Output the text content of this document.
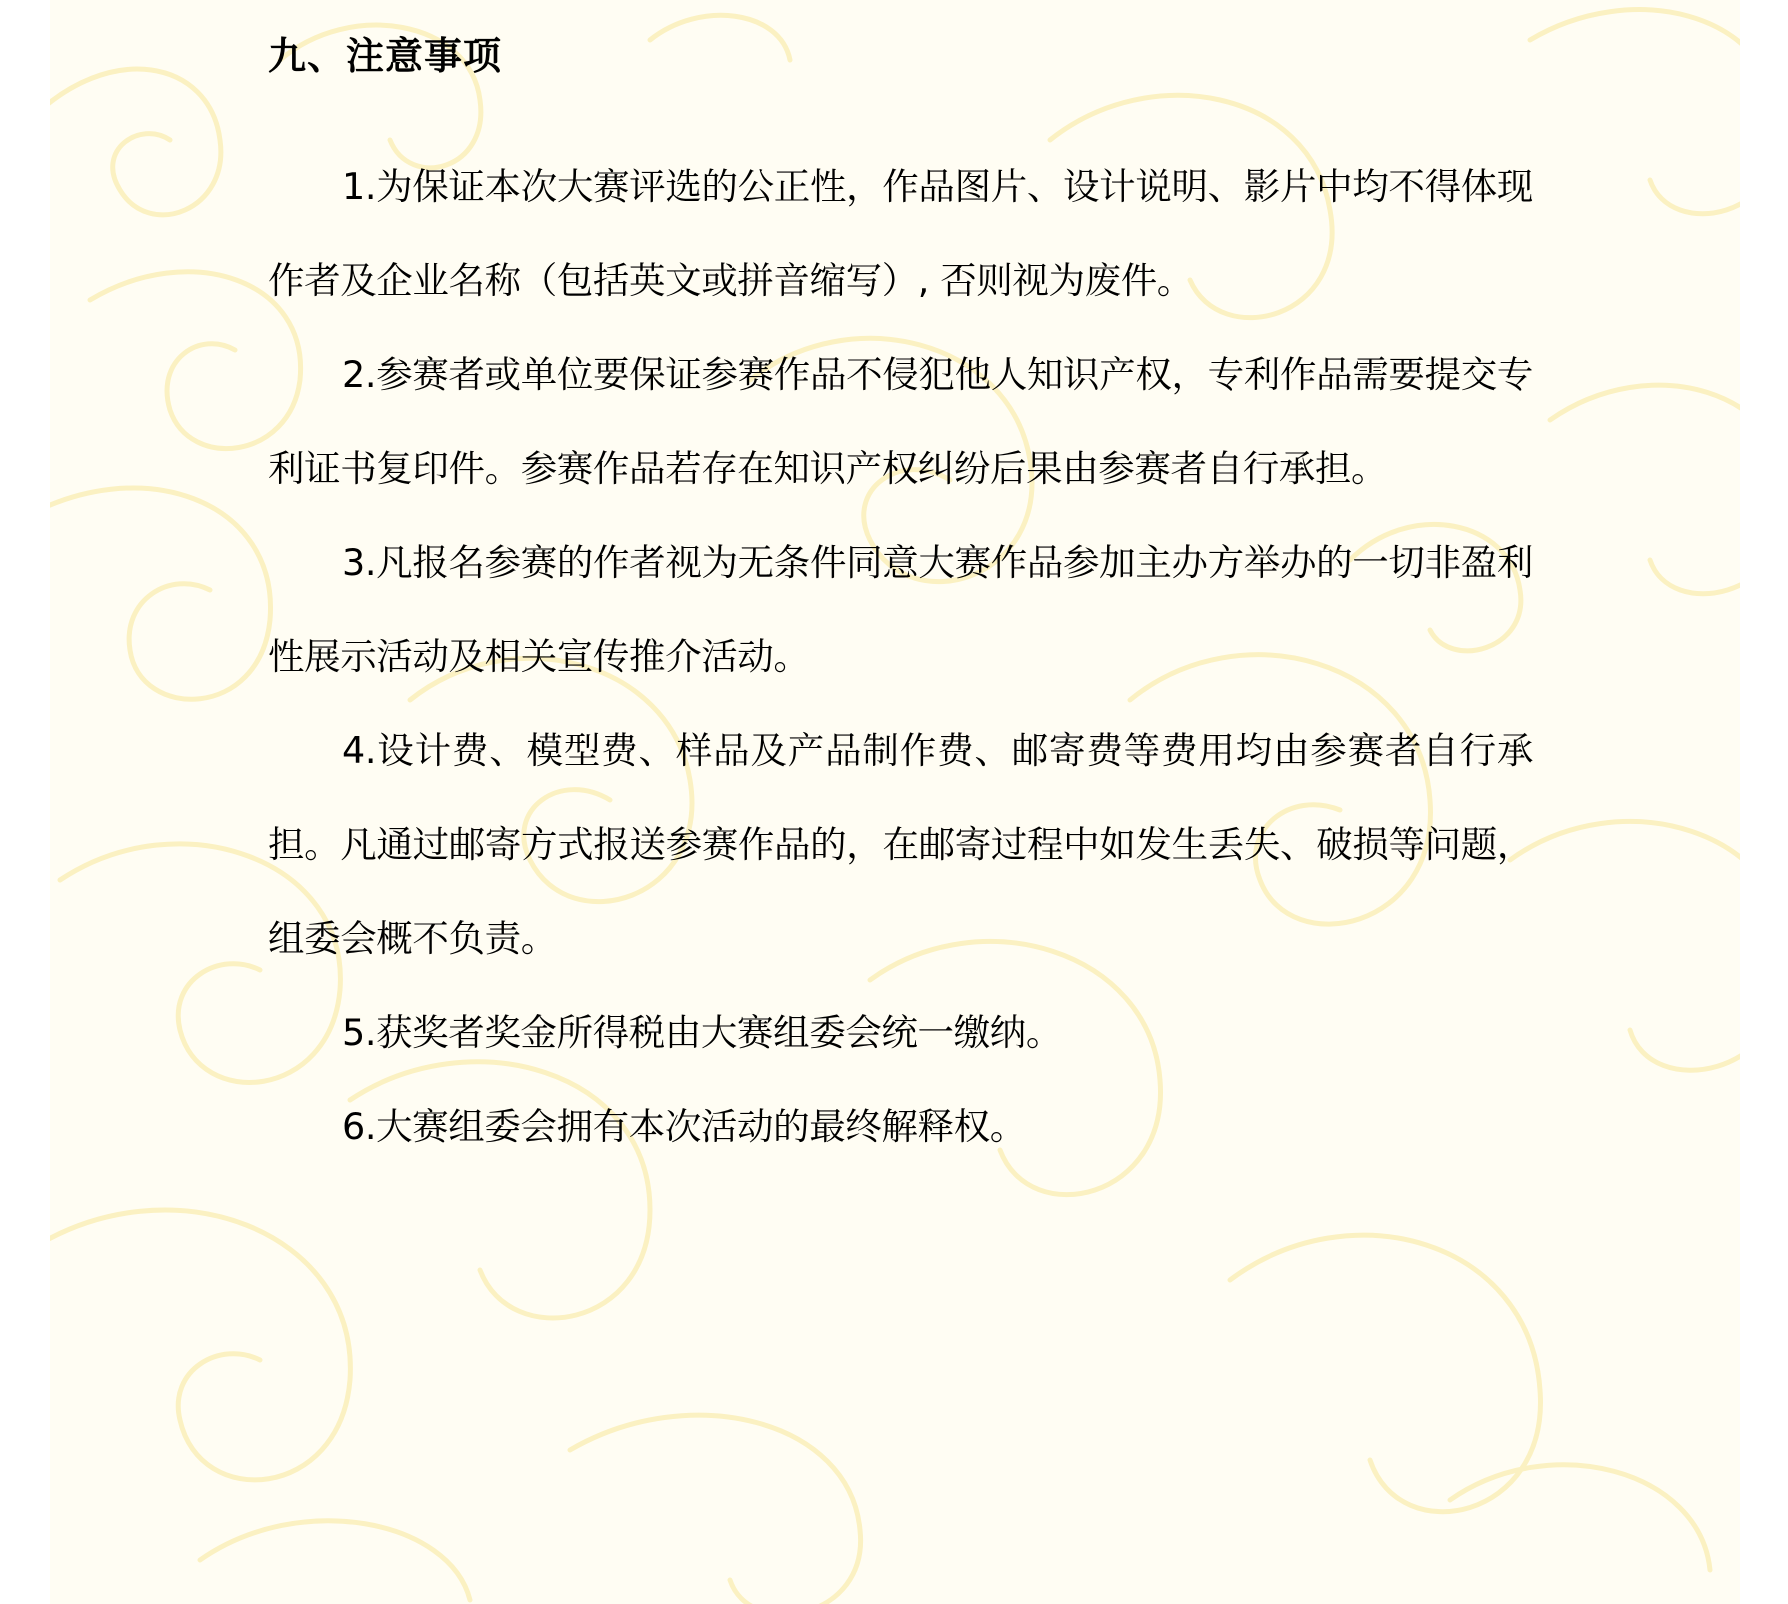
九、注意事项

1.为保证本次大赛评选的公正性，作品图片、设计说明、影片中均不得体现作者及企业名称（包括英文或拼音缩写）, 否则视为废件。

2.参赛者或单位要保证参赛作品不侵犯他人知识产权，专利作品需要提交专利证书复印件。参赛作品若存在知识产权纠纷后果由参赛者自行承担。

3.凡报名参赛的作者视为无条件同意大赛作品参加主办方举办的一切非盈利性展示活动及相关宣传推介活动。

4.设计费、模型费、样品及产品制作费、邮寄费等费用均由参赛者自行承担。凡通过邮寄方式报送参赛作品的，在邮寄过程中如发生丢失、破损等问题，组委会概不负责。

5.获奖者奖金所得税由大赛组委会统一缴纳。

6.大赛组委会拥有本次活动的最终解释权。
